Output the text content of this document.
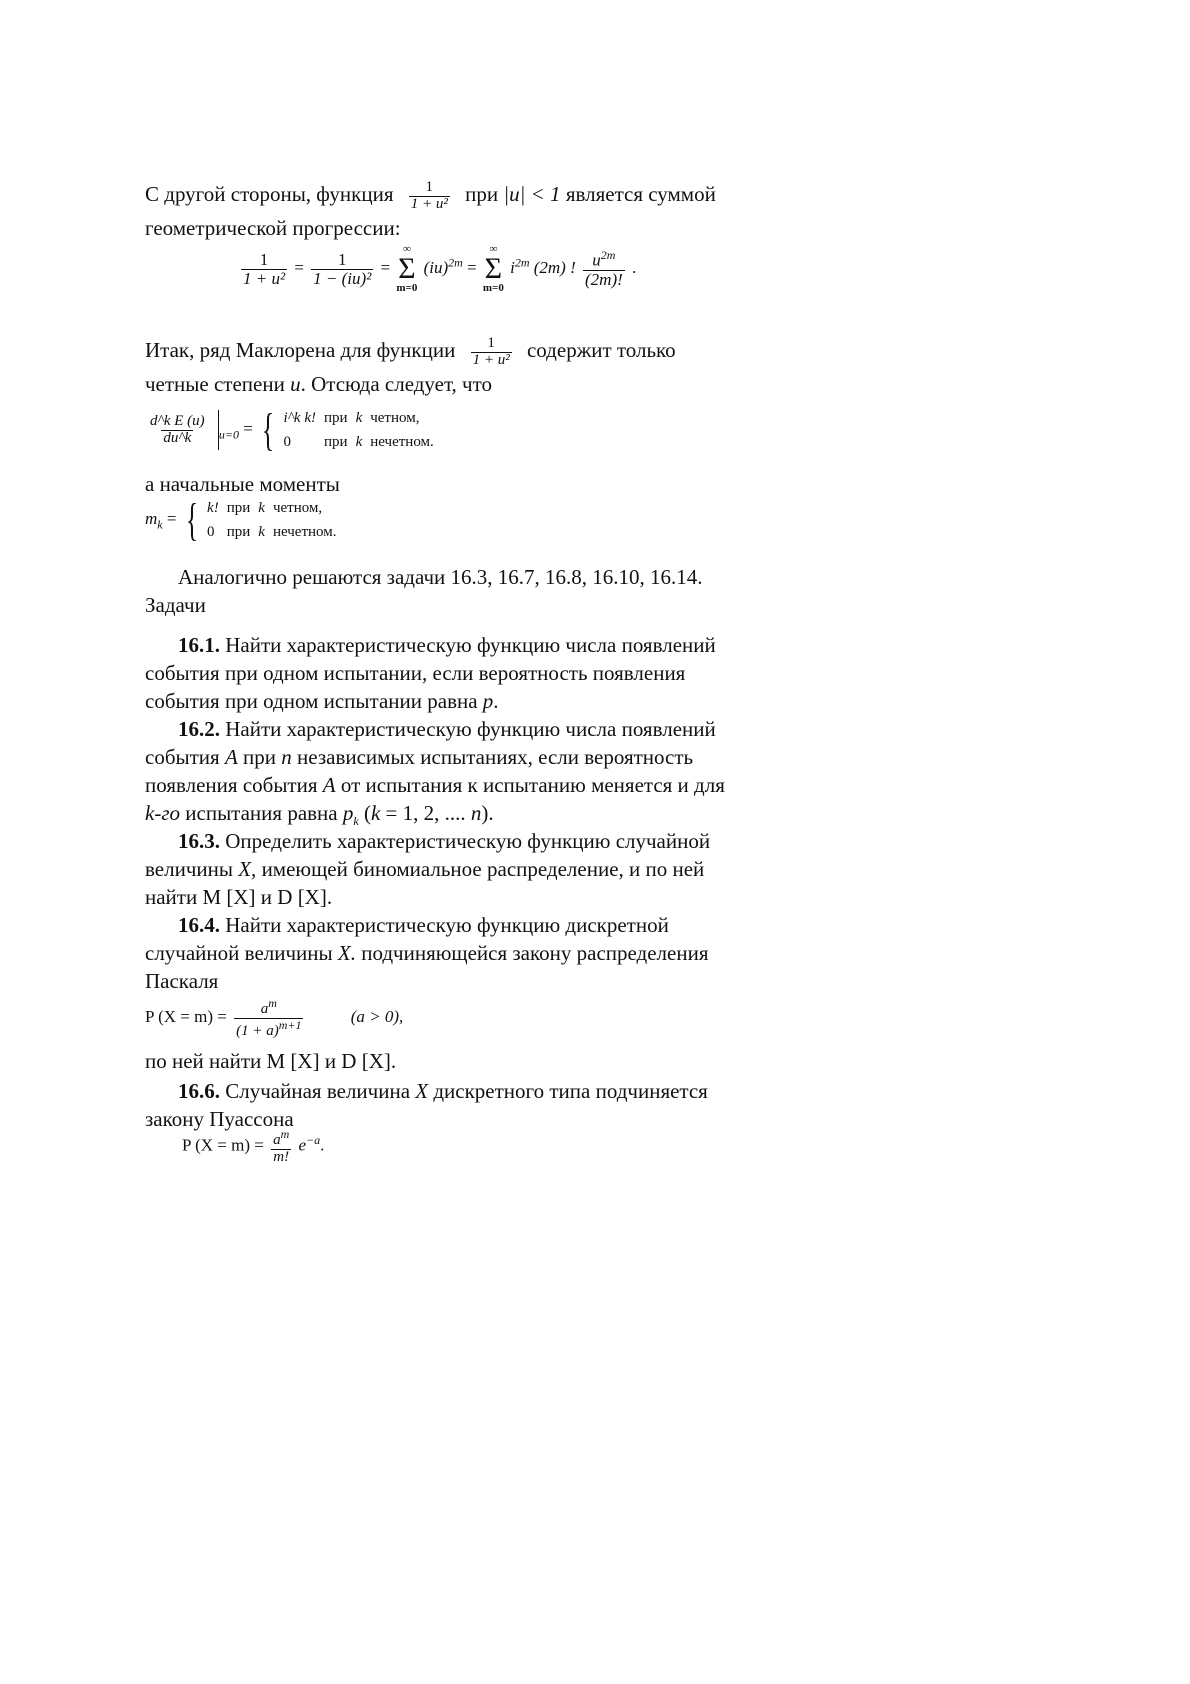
С другой стороны, функция $\frac{1}{\text{1 + u²}}$ при |u| < 1 является суммой
геометрической прогрессии:
$\frac{1}{\text{1 + u²}} = \frac{1}{\text{1 − (iu)²}}$ =
∞
Σ
m=0
(iu)$^{2m}$ =
∞
Σ
m=0
$i^{2m}$ (2m) ! $\frac{u^{2m}}{(2m)!}$ .
Итак, ряд Маклорена для функции $\frac{1}{\text{1 + u²}}$ содержит только
четные степени u. Отсюда следует, что
$\frac{\text{d\textasciicircum{}k E (u)}}{du\^{}k} _{u=0}$ = { i^k k!	при	k	четном,
0	при	k	нечетном.
а начальные моменты
$m_k$ = { k!	при	k	четном,
0	при	k	нечетном.
Аналогично решаются задачи 16.3, 16.7, 16.8, 16.10, 16.14.
Задачи
16.1. Найти характеристическую функцию числа появлений
события при одном испытании, если вероятность появления
события при одном испытании равна p.
16.2. Найти характеристическую функцию числа появлений
события A при n независимых испытаниях, если вероятность
появления события A от испытания к испытанию меняется и для
k-го испытания равна $p_k$ (k = 1, 2, .... n).
16.3. Определить характеристическую функцию случайной
величины X, имеющей биномиальное распределение, и по ней
найти M [X] и D [X].
16.4. Найти характеристическую функцию дискретной
случайной величины X. подчиняющейся закону распределения
Паскаля
P $(X = m) = \frac{a^m}{(1 + a)^{m+1}}$	(a > 0),
по ней найти M [X] и D [X].
16.6. Случайная величина X дискретного типа подчиняется
закону Пуассона
P $(X = m) = \frac{a^m}{m!} e^{-a}$.
